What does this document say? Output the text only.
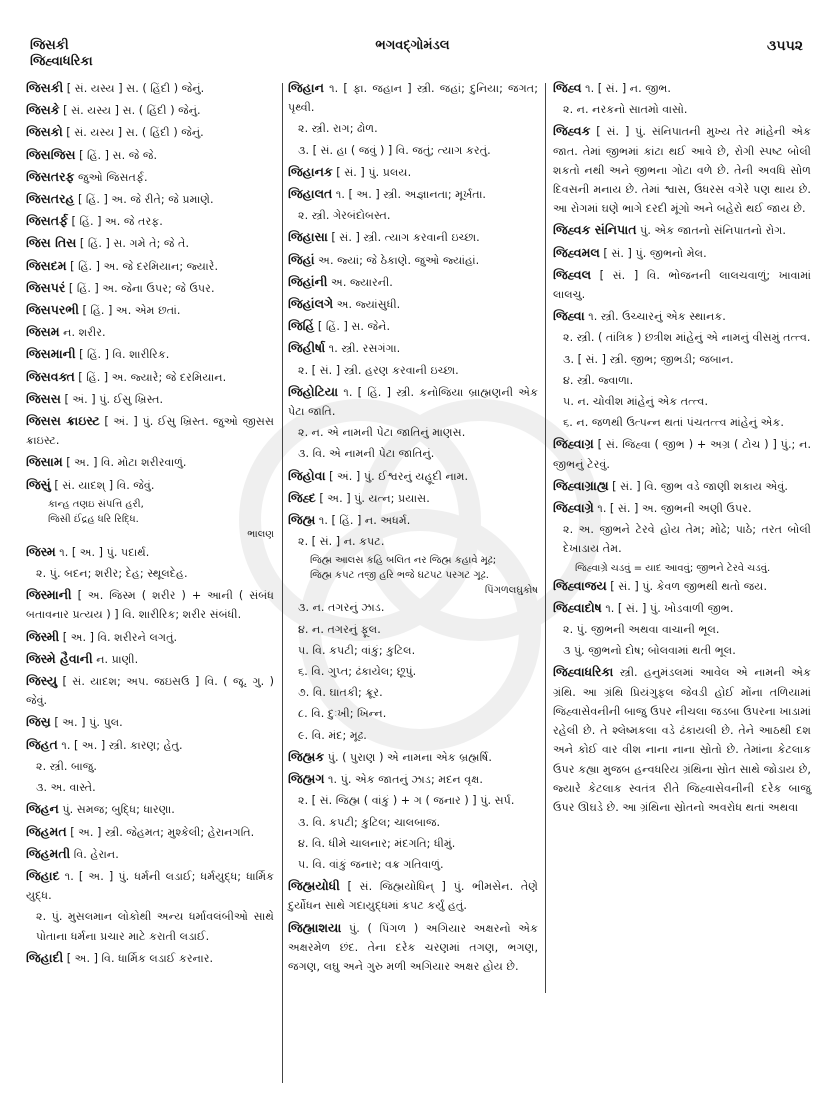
જિસકી
જિહ્વાધરિકા
ભગવદ્ગોમંડલ	૩૫૫૨
જિસકી [ સં. યસ્ય ] સ. ( હિંદી ) જેનું.
જિસકે [ સં. યસ્ય ] સ. ( હિંદી ) જેનું.
જિસકો [ સં. યસ્ય ] સ. ( હિંદી ) જેનું.
જિસજિસ [ હિં. ] સ. જે જે.
જિસતરફ જુઓ જિસતર્ફ.
જિસતરહ [ હિં. ] અ. જે રીતે; જે પ્રમાણે.
જિસતર્ફ [ હિં. ] અ. જે તરફ.
જિસ તિસ [ હિં. ] સ. ગમે તે; જે તે.
જિસદમ [ હિં. ] અ. જે દરમિયાન; જ્યારે.
જિસપરં [ હિં. ] અ. જેના ઉપર; જે ઉપર.
જિસપરભી [ હિં. ] અ. એમ છતાં.
જિસમ ન. શરીર.
જિસમાની [ હિં. ] વિ. શારીરિક.
જિસવક્ત [ હિં. ] અ. જ્યારે; જે દરમિયાન.
જિસસ [ અં. ] પું. ઈસુ ખ્રિસ્ત.
જિસસ ક્રાઇસ્ટ [ અં. ] પું. ઈસુ ખ્રિસ્ત. જુઓ જીસસ ક્રાઇસ્ટ.
જિસામ [ અ. ] વિ. મોટા શરીરવાળું.
જિસું [ સં. યાદશ્ ] વિ. જેવું.
કાન્હ તણઇ સંપત્તિ હરી,
જિસી ઈંદ્રહ ધરિ રિદ્ધિ.
ભાલણ
જિસ્મ ૧. [ અ. ] પું. પદાર્થ.
૨. પું. બદન; શરીર; દેહ; સ્થૂલદેહ.
જિસ્માની [ અ. જિસ્મ ( શરીર ) + આની ( સંબંધ બતાવનાર પ્રત્યય ) ] વિ. શારીરિક; શરીર સંબંધી.
જિસ્મી [ અ. ] વિ. શરીરને લગતું.
જિસ્મે હૈવાની ન. પ્રાણી.
જિસ્યુ [ સં. યાદશ; અપ. જઇસઉ ] વિ. ( જૂ. ગુ. ) જેવું.
જિસ્ર [ અ. ] પું. પુલ.
જિહત ૧. [ અ. ] સ્ત્રી. કારણ; હેતુ.
૨. સ્ત્રી. બાજુ.
૩. અ. વાસ્તે.
જિહન પું. સમજ; બુદ્ધિ; ધારણા.
જિહમત [ અ. ] સ્ત્રી. જેહમત; મુશ્કેલી; હેરાનગતિ.
જિહમતી વિ. હેરાન.
જિહાદ ૧. [ અ. ] પું. ધર્મની લડાઈ; ધર્મયુદ્ધ; ધાર્મિક યુદ્ધ.
૨. પું. મુસલમાન લોકોથી અન્ય ધર્માવલંબીઓ સાથે પોતાના ધર્મના પ્રચાર માટે કરાતી લડાઈ.
જિહાદી [ અ. ] વિ. ધાર્મિક લડાઈ કરનાર.
જિહાન ૧. [ ફા. જહાન ] સ્ત્રી. જહાં; દુનિયા; જગત; પૃથ્વી.
૨. સ્ત્રી. રાગ; ઢોળ.
૩. [ સં. હા ( જવું ) ] વિ. જતું; ત્યાગ કરતું.
જિહાનક [ સં. ] પું. પ્રલય.
જિહાલત ૧. [ અ. ] સ્ત્રી. અજ્ઞાનતા; મૂર્ખતા.
૨. સ્ત્રી. ગેરબંદોબસ્ત.
જિહાસા [ સં. ] સ્ત્રી. ત્યાગ કરવાની ઇચ્છા.
જિહાં અ. જ્યાં; જે ઠેકાણે. જુઓ જ્યાંહાં.
જિહાંની અ. જ્યારની.
જિહાંલગે અ. જ્યાંસુધી.
જિહિં [ હિં. ] સ. જેને.
જિહીર્ષા ૧. સ્ત્રી. રસગંગા.
૨. [ સં. ] સ્ત્રી. હરણ કરવાની ઇચ્છા.
જિહોટિયા ૧. [ હિં. ] સ્ત્રી. કનોજિયા બ્રાહ્મણની એક પેટા જાતિ.
૨. ન. એ નામની પેટા જાતિનું માણસ.
૩. વિ. એ નામની પેટા જાતિનું.
જિહોવા [ અં. ] પું. ઈશ્વરનું યહૂદી નામ.
જિહ્દ [ અ. ] પું. યત્ન; પ્રયાસ.
જિહ્મ ૧. [ હિં. ] ન. અધર્મ.
૨. [ સં. ] ન. કપટ.
જિહ્મ આલસ કહિ બલિત નર જિહ્મ કહાવે મૂઢ;
જિહ્મ કપટ તજી હરિ ભજે ઘટપટ પરગટ ગૂઢ.
પિંગળલઘુકોષ
૩. ન. તગરનું ઝાડ.
૪. ન. તગરનું ફૂલ.
૫. વિ. કપટી; વાંકું; કુટિલ.
૬. વિ. ગુપ્ત; ઢંકાયેલ; છૂપું.
૭. વિ. ઘાતકી; ક્રૂર.
૮. વિ. દુઃખી; ખિન્ન.
૯. વિ. મંદ; મૂઢ.
જિહ્મક પું. ( પુરાણ ) એ નામના એક બ્રહ્મર્ષિ.
જિહ્મગ ૧. પું. એક જાતનું ઝાડ; મદન વૃક્ષ.
૨. [ સં. જિહ્મ ( વાંકું ) + ગ ( જનાર ) ] પું. સર્પ.
૩. વિ. કપટી; કુટિલ; ચાલબાજ.
૪. વિ. ધીમે ચાલનાર; મંદગતિ; ધીમું.
૫. વિ. વાંકું જનાર; વક્ર ગતિવાળું.
જિહ્મયોધી [ સં. જિહ્મયોધિન્ ] પું. ભીમસેન. તેણે દુર્યોધન સાથે ગદાયુદ્ધમાં કપટ કર્યું હતું.
જિહ્માશયા પું. ( પિંગળ ) અગિયાર અક્ષરનો એક અક્ષરમેળ છંદ. તેના દરેક ચરણમાં તગણ, ભગણ, જગણ, લઘુ અને ગુરુ મળી અગિયાર અક્ષર હોય છે.
જિહ્વ ૧. [ સં. ] ન. જીભ.
૨. ન. નરકનો સાતમો વાસો.
જિહ્વક [ સં. ] પું. સંનિપાતની મુખ્ય તેર માંહેની એક જાત. તેમાં જીભમાં કાંટા થઈ આવે છે, રોગી સ્પષ્ટ બોલી શકતો નથી અને જીભના ગોટા વળે છે. તેની અવધિ સોળ દિવસની મનાય છે. તેમાં શ્વાસ, ઉધરસ વગેરે પણ થાય છે. આ રોગમાં ઘણે ભાગે દરદી મૂંગો અને બહેરો થઈ જાય છે.
જિહ્વક સંનિપાત પું. એક જાતનો સંનિપાતનો રોગ.
જિહ્વમલ [ સં. ] પું. જીભનો મેલ.
જિહ્વલ [ સં. ] વિ. ભોજનની લાલચવાળું; ખાવામાં લાલચુ.
જિહ્વા ૧. સ્ત્રી. ઉચ્ચારનું એક સ્થાનક.
૨. સ્ત્રી. ( તાંત્રિક ) છત્રીશ માંહેનું એ નામનું વીસમું તત્ત્વ.
૩. [ સં. ] સ્ત્રી. જીભ; જીભડી; જબાન.
૪. સ્ત્રી. જ્વાળા.
૫. ન. ચોવીશ માંહેનું એક તત્ત્વ.
૬. ન. જળથી ઉત્પન્ન થતાં પંચતત્ત્વ માંહેનું એક.
જિહ્વાગ્ર [ સં. જિહ્વા ( જીભ ) + અગ્ર ( ટોચ ) ] પું.; ન. જીભનું ટેરવું.
જિહ્વાગ્રાહ્ય [ સં. ] વિ. જીભ વડે જાણી શકાય એવું.
જિહ્વાગ્રે ૧. [ સં. ] અ. જીભની અણી ઉપર.
૨. અ. જીભને ટેરવે હોય તેમ; મોઢે; પાઠે; તરત બોલી દેખાડાય તેમ.
જિહ્વાગ્રે ચડવું = યાદ આવવું; જીભને ટેરવે ચડવું.
જિહ્વાજય [ સં. ] પું. કેવળ જીભથી થતો જય.
જિહ્વાદોષ ૧. [ સં. ] પું. ખોડવાળી જીભ.
૨. પું. જીભની અથવા વાચાની ભૂલ.
૩ પું. જીભનો દોષ; બોલવામાં થતી ભૂલ.
જિહ્વાધરિકા સ્ત્રી. હનુમંડલમાં આવેલ એ નામની એક ગ્રંથિ. આ ગ્રંથિ પ્રિયંગુફલ જેવડી હોઈ મોંના તળિયામાં જિહ્વાસેવનીની બાજુ ઉપર નીચલા જડબા ઉપરના ખાડામાં રહેલી છે. તે શ્લેષ્મકલા વડે ઢંકાયલી છે. તેને આઠથી દશ અને કોઈ વાર વીશ નાના નાના સ્રોતો છે. તેમાંના કેટલાક ઉપર કહ્યા મુજબ હન્વધરિય ગ્રંથિના સ્રોત સાથે જોડાય છે, જ્યારે કેટલાક સ્વતંત્ર રીતે જિહ્વાસેવનીની દરેક બાજુ ઉપર ઊઘડે છે. આ ગ્રંથિના સ્રોતનો અવરોધ થતાં અથવા
